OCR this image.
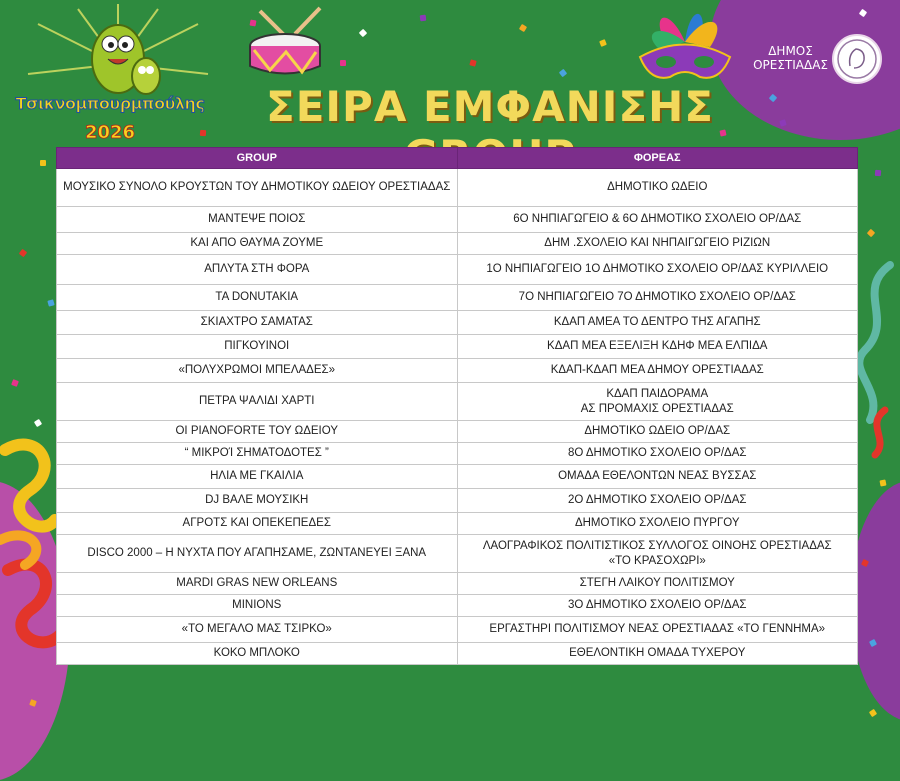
Τσικνομπουρμπούλης
2026
ΣΕΙΡΑ ΕΜΦΑΝΙΣΗΣ
ΔΗΜΟΣ
ΟΡΕΣΤΙΑΔΑΣ
GROUP	ΦΟΡΕΑΣ
ΜΟΥΣΙΚΟ ΣΥΝΟΛΟ ΚΡΟΥΣΤΩΝ ΤΟΥ ΔΗΜΟΤΙΚΟΥ ΩΔΕΙΟΥ ΟΡΕΣΤΙΑΔΑΣ	ΔΗΜΟΤΙΚΟ ΩΔΕΙΟ
ΜΑΝΤΕΨΕ ΠΟΙΟΣ	6Ο ΝΗΠΙΑΓΩΓΕΙΟ & 6Ο ΔΗΜΟΤΙΚΟ ΣΧΟΛΕΙΟ ΟΡ/ΔΑΣ
ΚΑΙ ΑΠΟ ΘΑΥΜΑ ΖΟΥΜΕ	ΔΗΜ .ΣΧΟΛΕΙΟ ΚΑΙ ΝΗΠΑΙΓΩΓΕΙΟ ΡΙΖΙΩΝ
ΑΠΛΥΤΑ ΣΤΗ ΦΟΡΑ	1Ο ΝΗΠΙΑΓΩΓΕΙΟ 1Ο ΔΗΜΟΤΙΚΟ ΣΧΟΛΕΙΟ ΟΡ/ΔΑΣ ΚΥΡΙΛΛΕΙΟ
ΤΑ DONUTAKIA	7Ο ΝΗΠΙΑΓΩΓΕΙΟ 7Ο ΔΗΜΟΤΙΚΟ ΣΧΟΛΕΙΟ ΟΡ/ΔΑΣ
ΣΚΙΑΧΤΡΟ ΣΑΜΑΤΑΣ	ΚΔΑΠ ΑΜΕΑ ΤΟ ΔΕΝΤΡΟ ΤΗΣ ΑΓΑΠΗΣ
ΠΙΓΚΟΥΙΝΟΙ	ΚΔΑΠ ΜΕΑ ΕΞΕΛΙΞΗ ΚΔΗΦ ΜΕΑ ΕΛΠΙΔΑ
«ΠΟΛΥΧΡΩΜΟΙ ΜΠΕΛΑΔΕΣ»	ΚΔΑΠ-ΚΔΑΠ ΜΕΑ ΔΗΜΟΥ ΟΡΕΣΤΙΑΔΑΣ
ΠΕΤΡΑ ΨΑΛΙΔΙ ΧΑΡΤΙ	ΚΔΑΠ ΠΑΙΔΟΡΑΜΑ
ΑΣ ΠΡΟΜΑΧΙΣ ΟΡΕΣΤΙΑΔΑΣ
ΟΙ PIANOFORTE ΤΟΥ ΩΔΕΙΟΥ	ΔΗΜΟΤΙΚΟ ΩΔΕΙΟ ΟΡ/ΔΑΣ
“ ΜΙΚΡΟΊ ΣΗΜΑΤΟΔΟΤΕΣ ”	8Ο ΔΗΜΟΤΙΚΟ ΣΧΟΛΕΙΟ ΟΡ/ΔΑΣ
ΗΛΙΑ ΜΕ ΓΚΑΙΛΙΑ	ΟΜΑΔΑ ΕΘΕΛΟΝΤΩΝ ΝΕΑΣ ΒΥΣΣΑΣ
DJ ΒΑΛΕ ΜΟΥΣΙΚΗ	2Ο ΔΗΜΟΤΙΚΟ ΣΧΟΛΕΙΟ ΟΡ/ΔΑΣ
ΑΓΡΟΤΣ ΚΑΙ ΟΠΕΚΕΠΕΔΕΣ	ΔΗΜΟΤΙΚΟ ΣΧΟΛΕΙΟ ΠΥΡΓΟΥ
DISCO 2000 – Η ΝΥΧΤΑ ΠΟΥ ΑΓΑΠΗΣΑΜΕ, ΖΩΝΤΑΝΕΥΕΙ ΞΑΝΑ	ΛΑΟΓΡΑΦΙΚΟΣ ΠΟΛΙΤΙΣΤΙΚΟΣ ΣΥΛΛΟΓΟΣ ΟΙΝΟΗΣ ΟΡΕΣΤΙΑΔΑΣ
«ΤΟ ΚΡΑΣΟΧΩΡΙ»
MARDI GRAS NEW ORLEANS	ΣΤΕΓΗ ΛΑΙΚΟΥ ΠΟΛΙΤΙΣΜΟΥ
MINIONS	3Ο ΔΗΜΟΤΙΚΟ ΣΧΟΛΕΙΟ ΟΡ/ΔΑΣ
«ΤΟ ΜΕΓΑΛΟ ΜΑΣ ΤΣΙΡΚΟ»	ΕΡΓΑΣΤΗΡΙ ΠΟΛΙΤΙΣΜΟΥ ΝΕΑΣ ΟΡΕΣΤΙΑΔΑΣ «ΤΟ ΓΕΝΝΗΜΑ»
ΚΟΚΟ ΜΠΛΟΚΟ	ΕΘΕΛΟΝΤΙΚΗ ΟΜΑΔΑ ΤΥΧΕΡΟΥ
